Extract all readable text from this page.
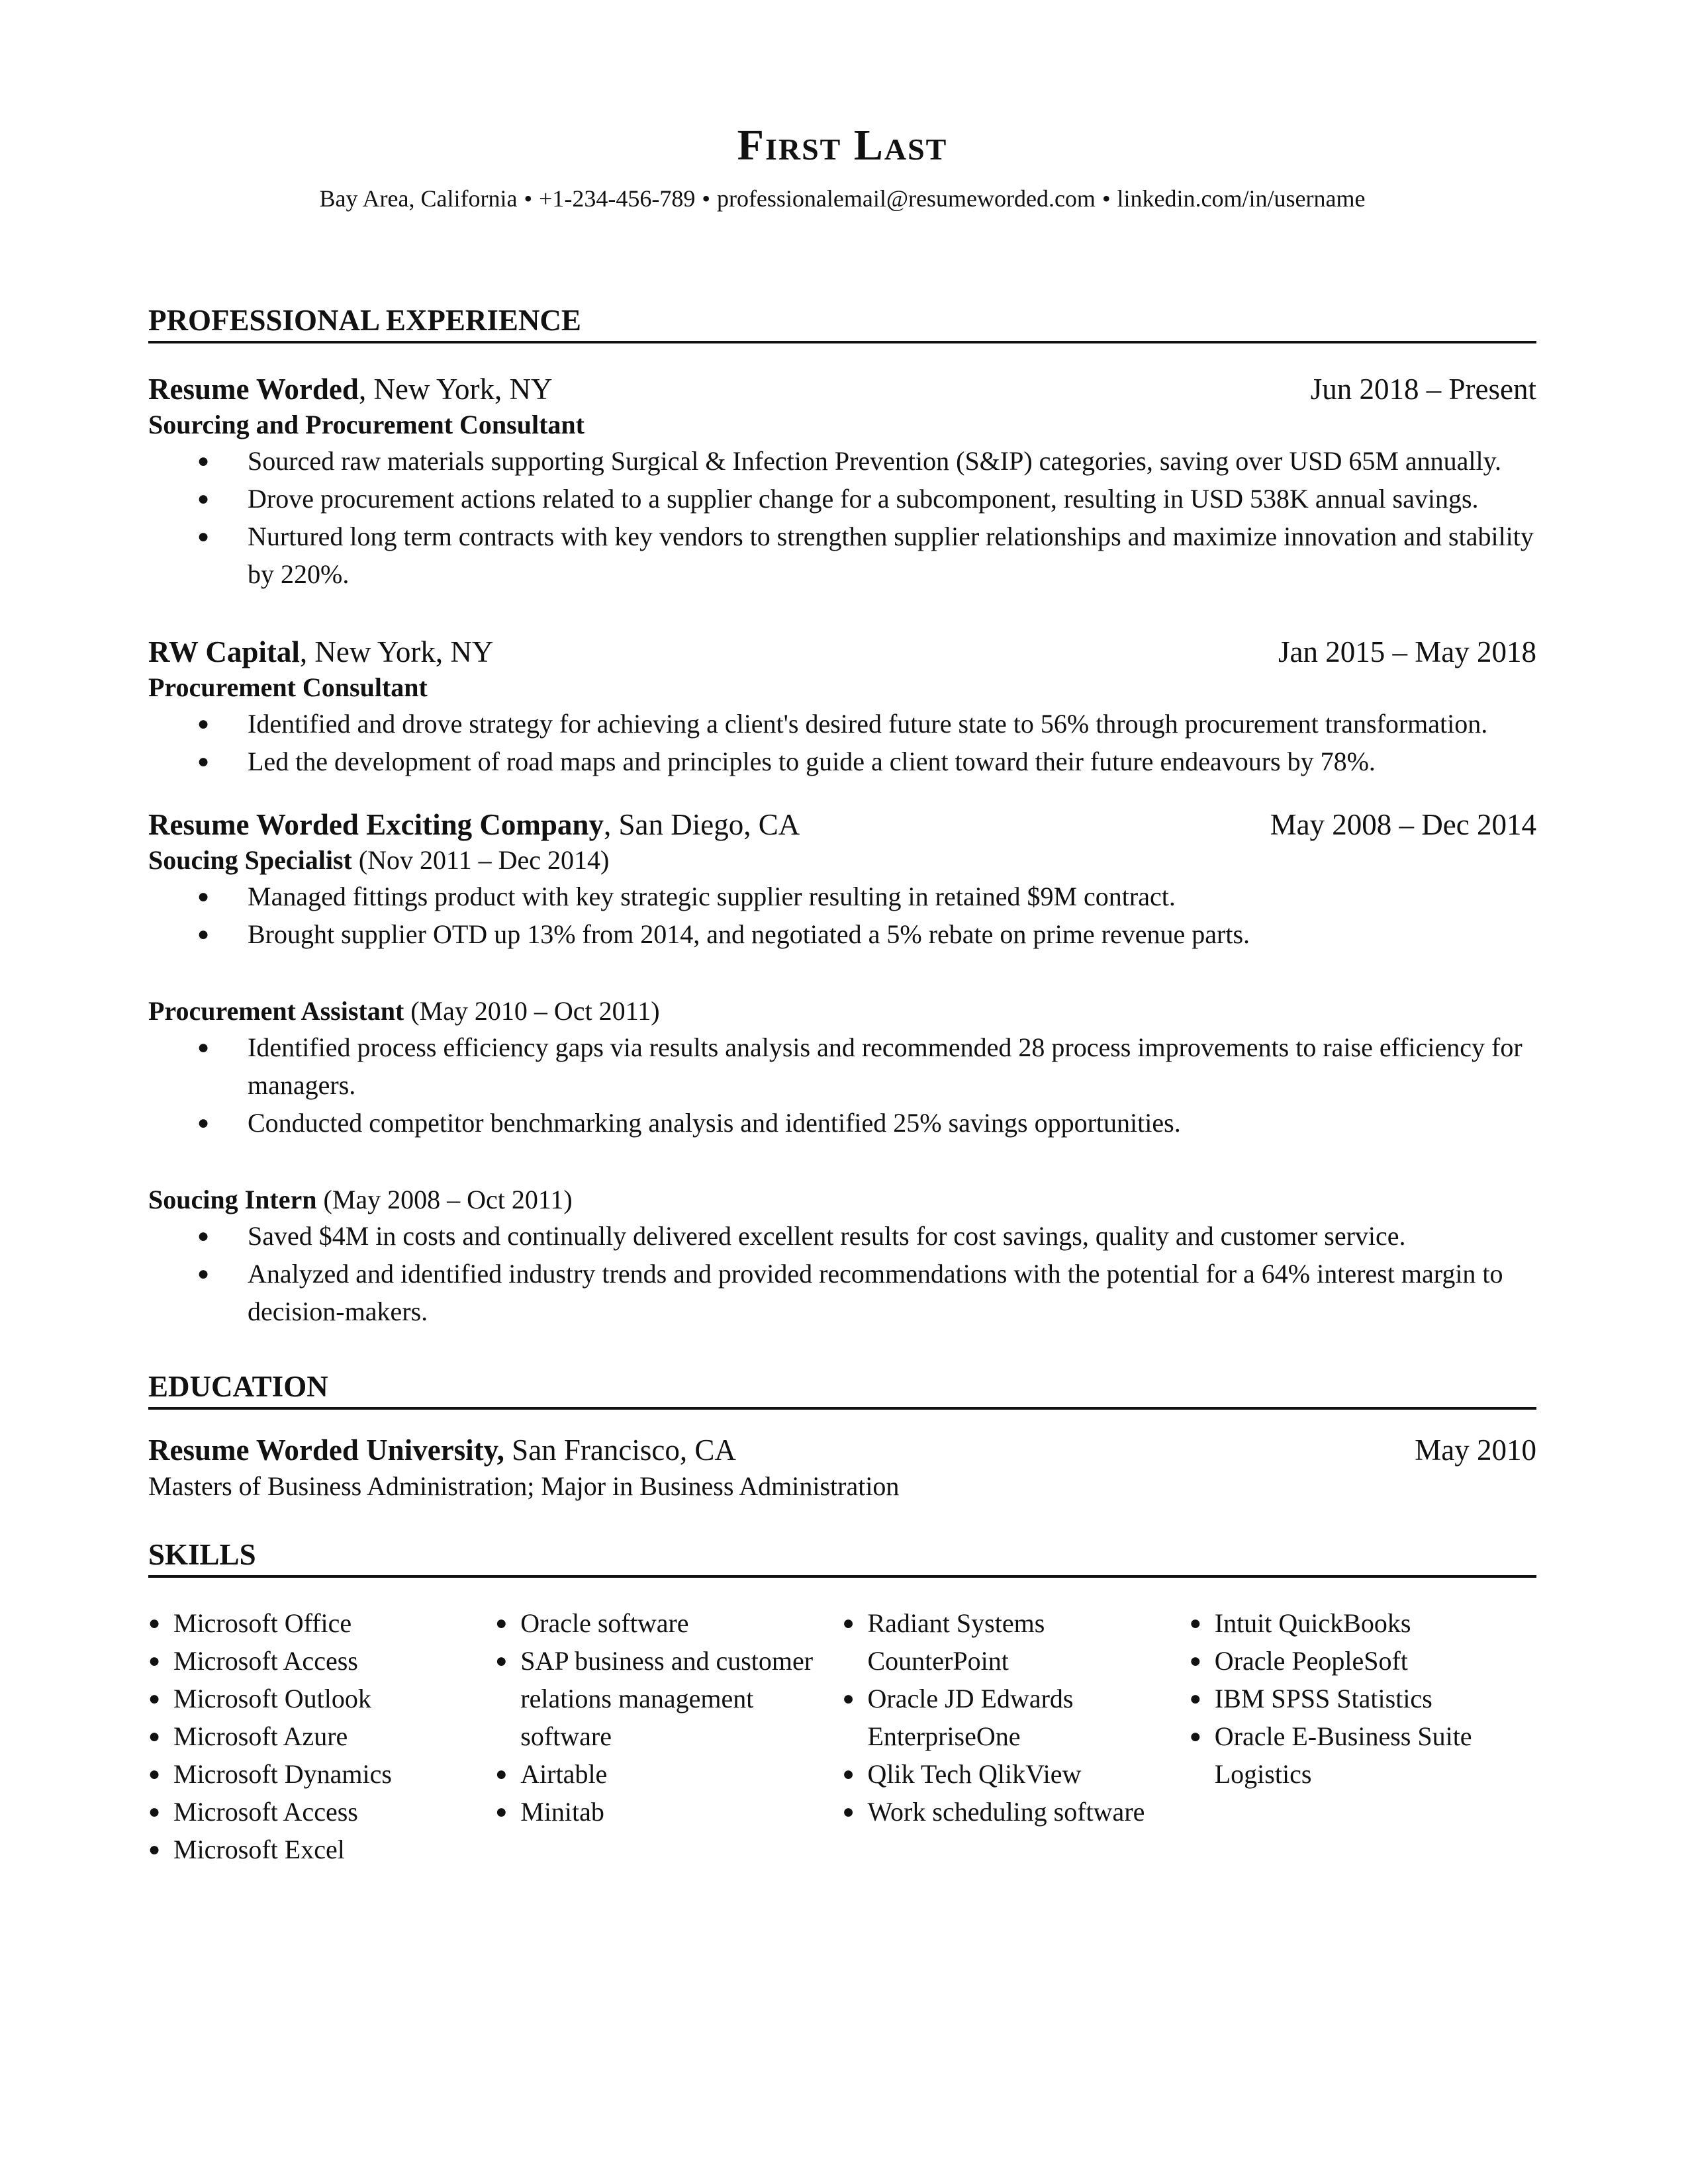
First Last
Bay Area, California • +1-234-456-789 • professionalemail@resumeworded.com • linkedin.com/in/username
PROFESSIONAL EXPERIENCE
Resume Worded, New York, NY	Jun 2018 – Present
Sourcing and Procurement Consultant
● Sourced raw materials supporting Surgical & Infection Prevention (S&IP) categories, saving over USD 65M annually.
● Drove procurement actions related to a supplier change for a subcomponent, resulting in USD 538K annual savings.
● Nurtured long term contracts with key vendors to strengthen supplier relationships and maximize innovation and stability by 220%.
RW Capital, New York, NY	Jan 2015 – May 2018
Procurement Consultant
● Identified and drove strategy for achieving a client's desired future state to 56% through procurement transformation.
● Led the development of road maps and principles to guide a client toward their future endeavours by 78%.
Resume Worded Exciting Company, San Diego, CA	May 2008 – Dec 2014
Soucing Specialist (Nov 2011 – Dec 2014)
● Managed fittings product with key strategic supplier resulting in retained $9M contract.
● Brought supplier OTD up 13% from 2014, and negotiated a 5% rebate on prime revenue parts.
Procurement Assistant (May 2010 – Oct 2011)
● Identified process efficiency gaps via results analysis and recommended 28 process improvements to raise efficiency for managers.
● Conducted competitor benchmarking analysis and identified 25% savings opportunities.
Soucing Intern (May 2008 – Oct 2011)
● Saved $4M in costs and continually delivered excellent results for cost savings, quality and customer service.
● Analyzed and identified industry trends and provided recommendations with the potential for a 64% interest margin to decision-makers.
EDUCATION
Resume Worded University, San Francisco, CA	May 2010
Masters of Business Administration; Major in Business Administration
SKILLS
● Microsoft Office
● Microsoft Access
● Microsoft Outlook
● Microsoft Azure
● Microsoft Dynamics
● Microsoft Access
● Microsoft Excel
● Oracle software
● SAP business and customer relations management software
● Airtable
● Minitab
● Radiant Systems CounterPoint
● Oracle JD Edwards EnterpriseOne
● Qlik Tech QlikView
● Work scheduling software
● Intuit QuickBooks
● Oracle PeopleSoft
● IBM SPSS Statistics
● Oracle E-Business Suite Logistics
